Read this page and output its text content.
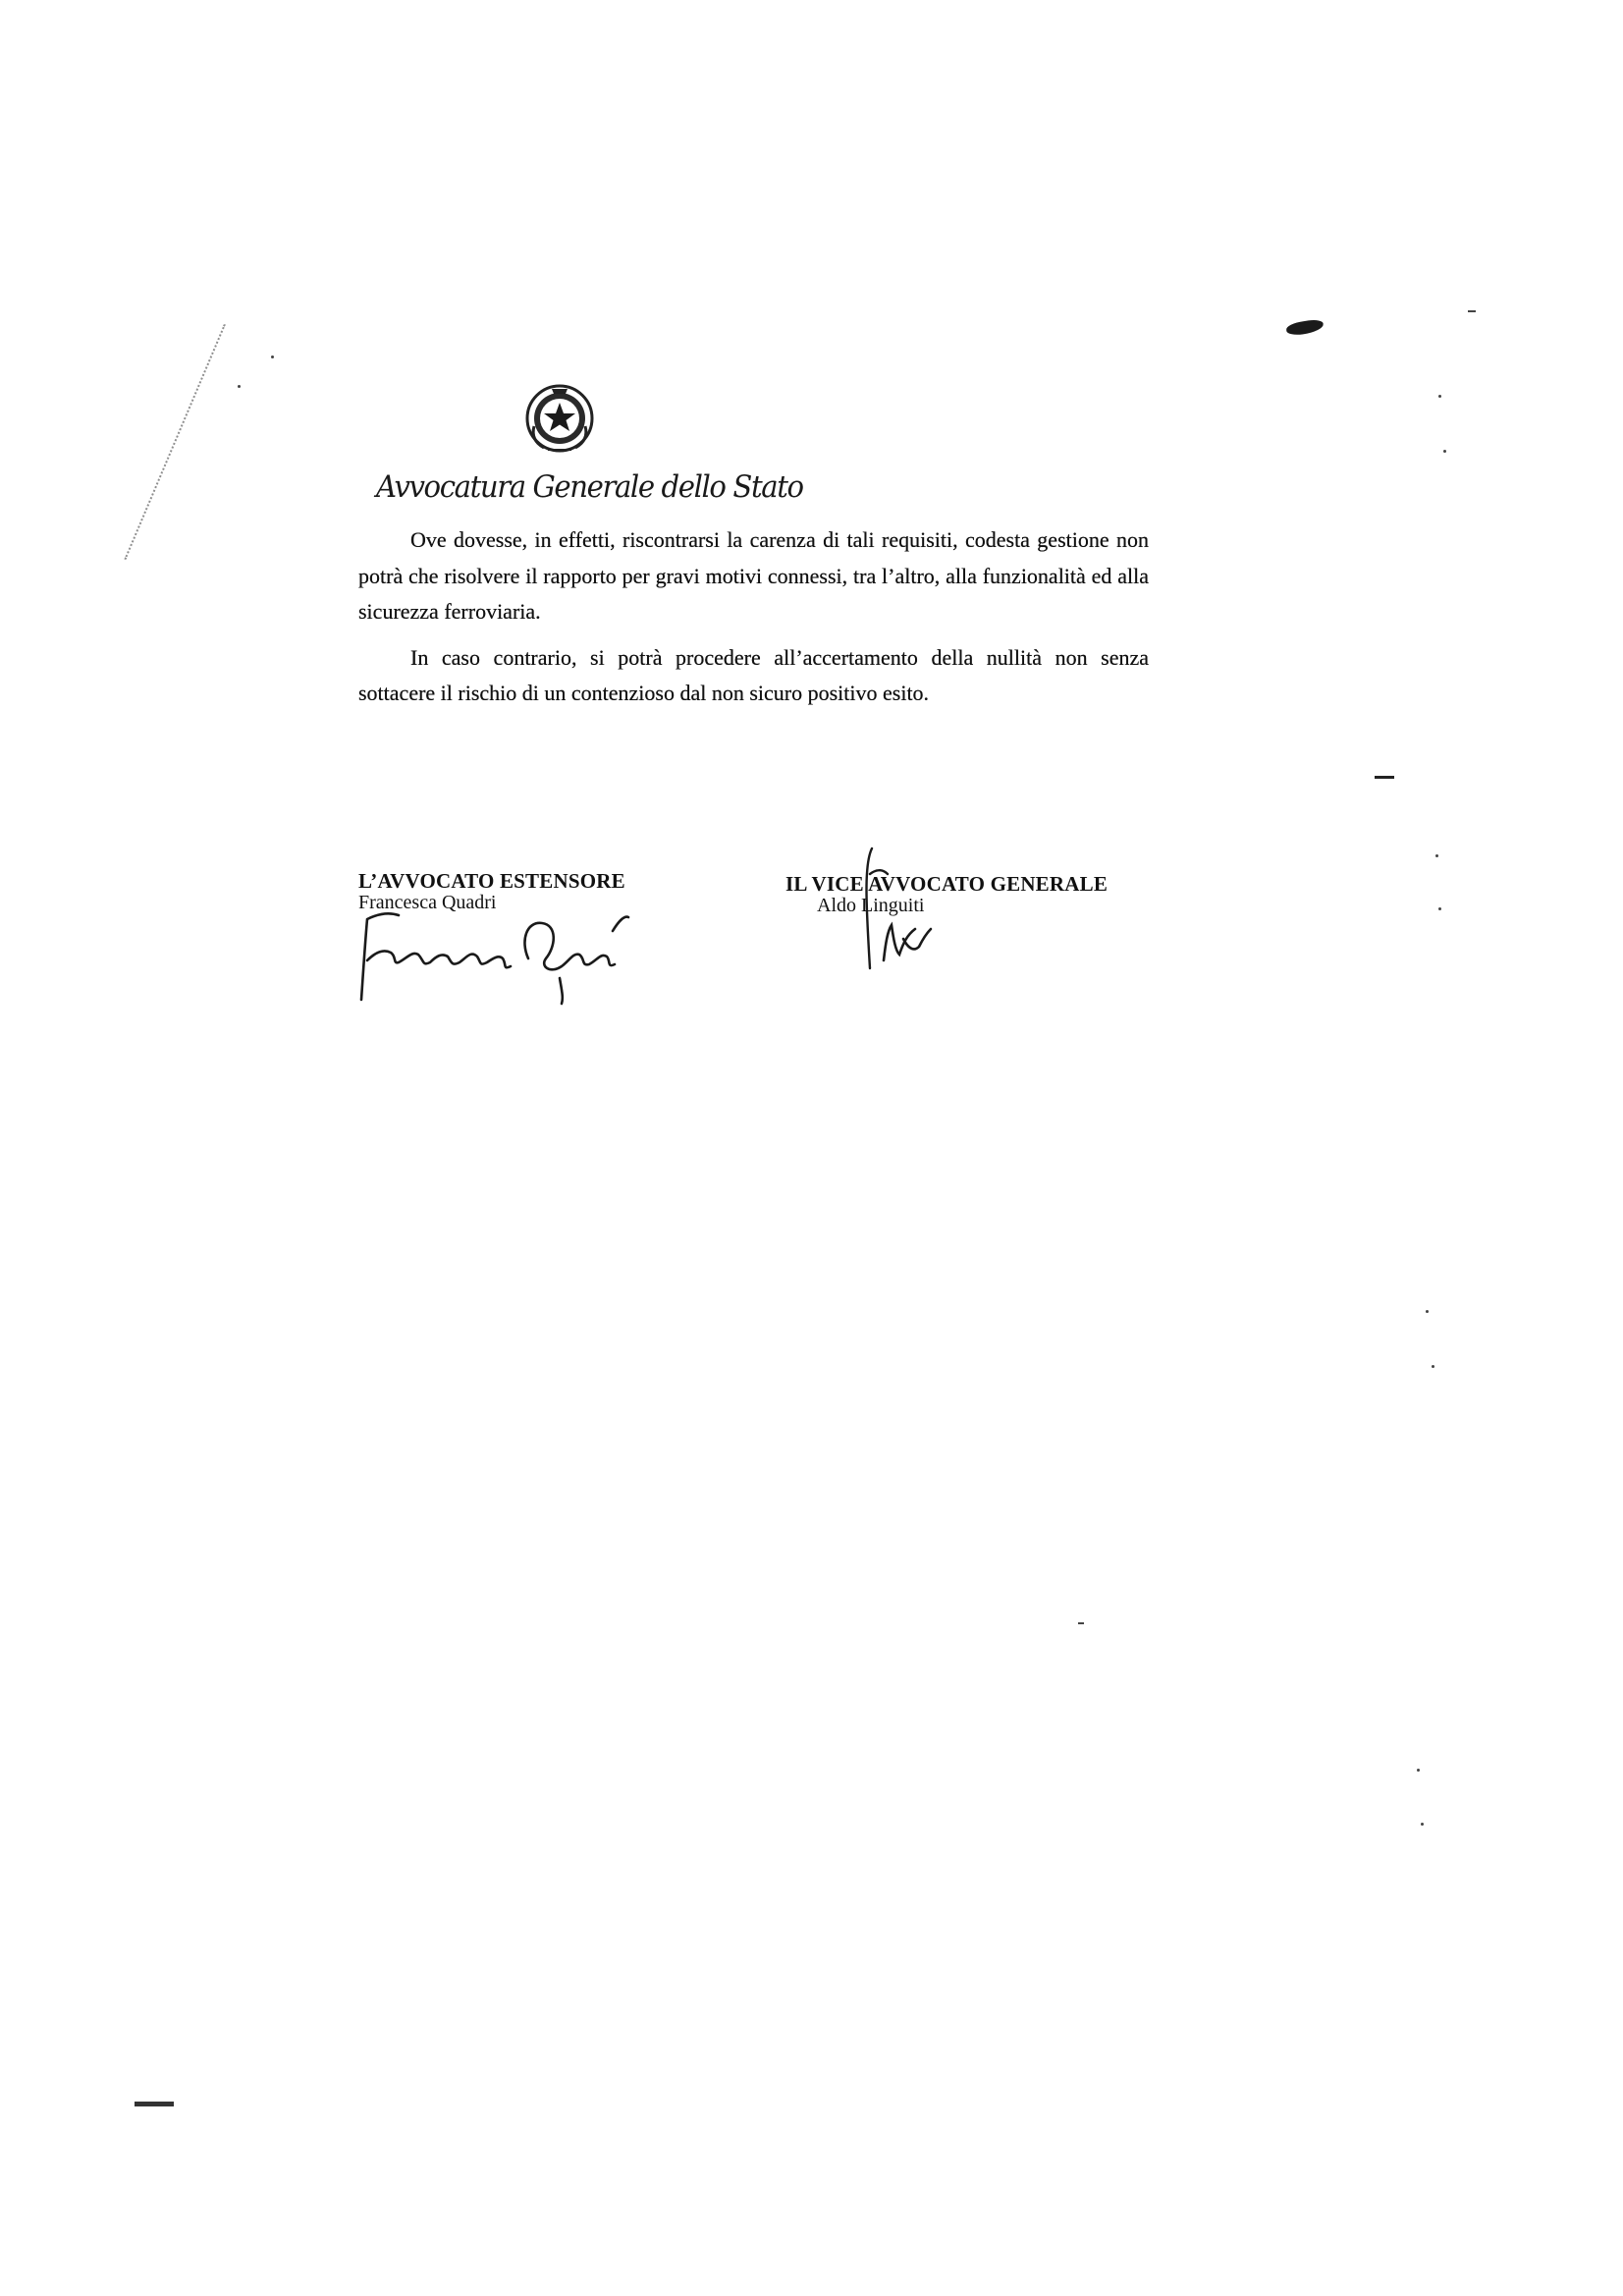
Avvocatura Generale dello Stato

Ove dovesse, in effetti, riscontrarsi la carenza di tali requisiti, codesta gestione non potrà che risolvere il rapporto per gravi motivi connessi, tra l’altro, alla funzionalità ed alla sicurezza ferroviaria.

In caso contrario, si potrà procedere all’accertamento della nullità non senza sottacere il rischio di un contenzioso dal non sicuro positivo esito.

L’AVVOCATO ESTENSORE
Francesca Quadri
IL VICE AVVOCATO GENERALE
Aldo Linguiti
